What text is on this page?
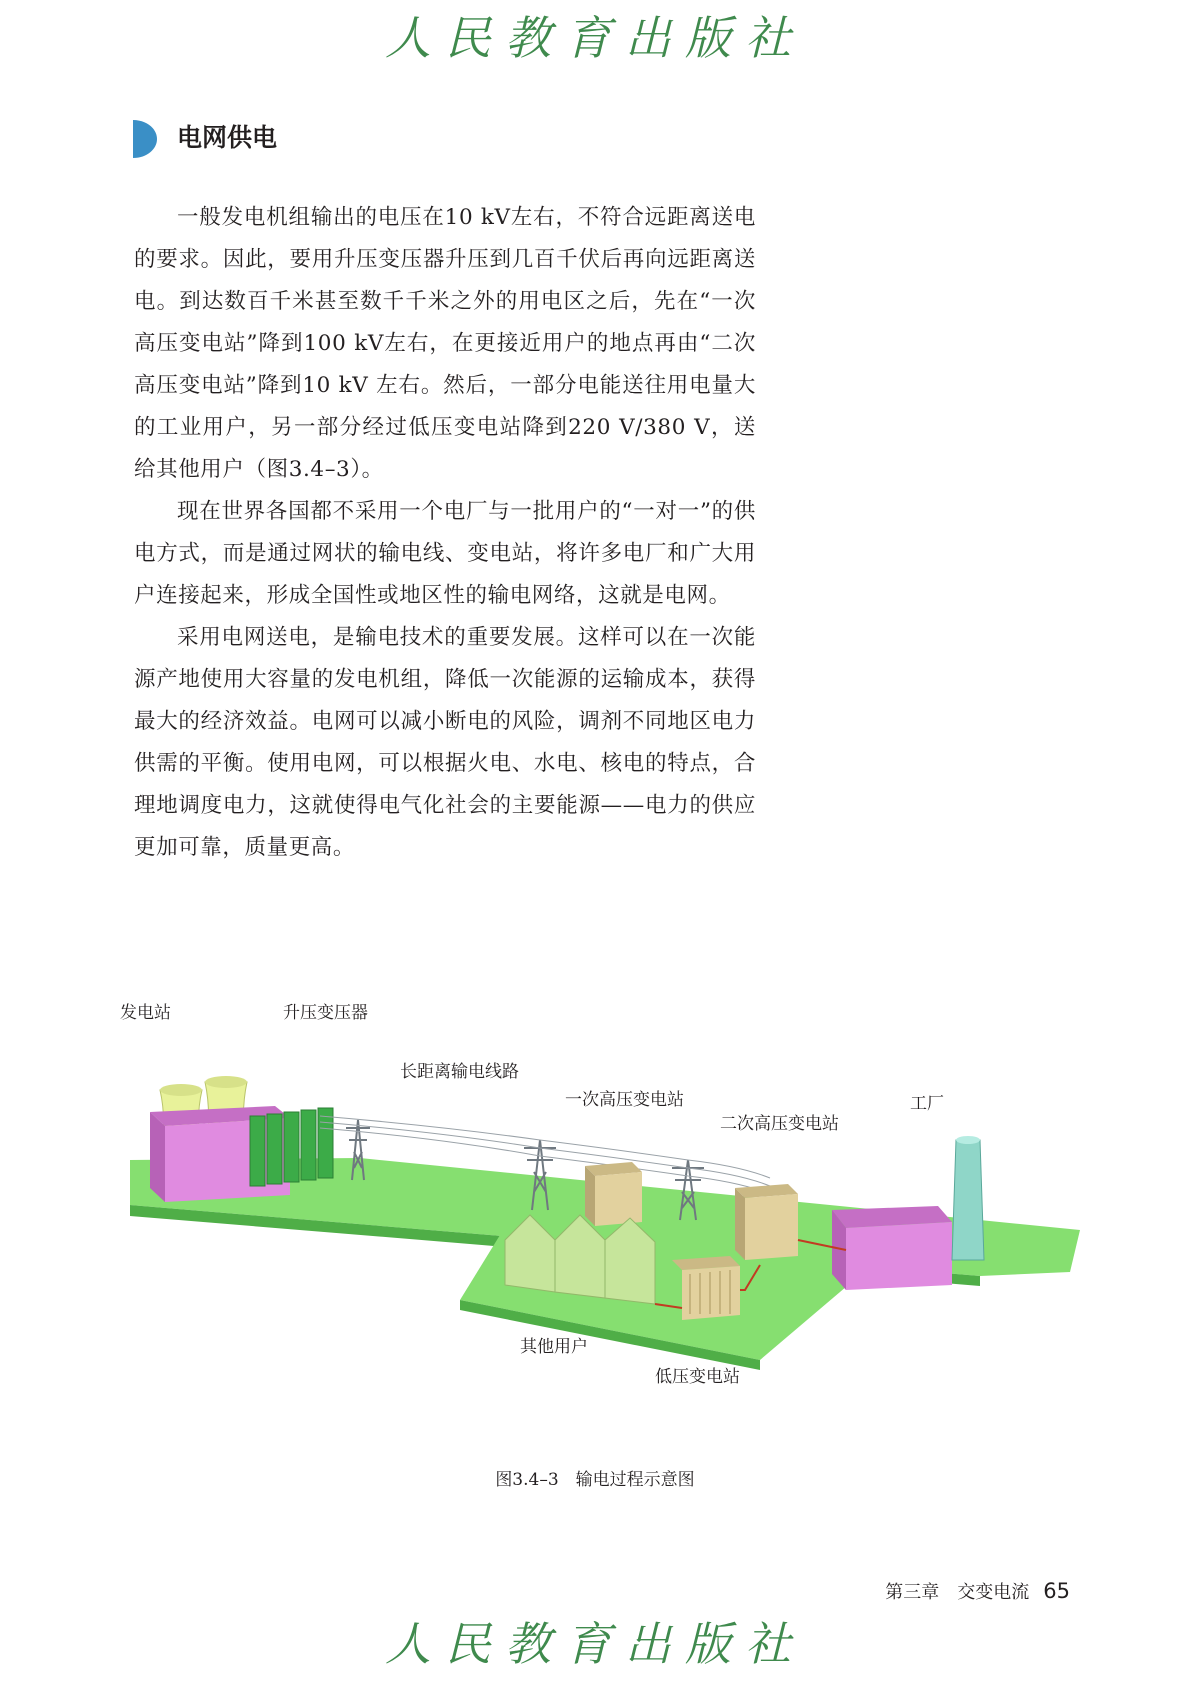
人民教育出版社
电网供电

一般发电机组输出的电压在10 kV左右，不符合远距离送电的要求。因此，要用升压变压器升压到几百千伏后再向远距离送电。到达数百千米甚至数千千米之外的用电区之后，先在“一次高压变电站”降到100 kV左右，在更接近用户的地点再由“二次高压变电站”降到10 kV 左右。然后，一部分电能送往用电量大的工业用户，另一部分经过低压变电站降到220 V/380 V，送给其他用户（图3.4–3）。

现在世界各国都不采用一个电厂与一批用户的“一对一”的供电方式，而是通过网状的输电线、变电站，将许多电厂和广大用户连接起来，形成全国性或地区性的输电网络，这就是电网。

采用电网送电，是输电技术的重要发展。这样可以在一次能源产地使用大容量的发电机组，降低一次能源的运输成本，获得最大的经济效益。电网可以减小断电的风险，调剂不同地区电力供需的平衡。使用电网，可以根据火电、水电、核电的特点，合理地调度电力，这就使得电气化社会的主要能源——电力的供应更加可靠，质量更高。

发电站	升压变压器
长距离输电线路
一次高压变电站
二次高压变电站
工厂
其他用户
低压变电站
图3.4–3　输电过程示意图
第三章　交变电流 65
人民教育出版社
